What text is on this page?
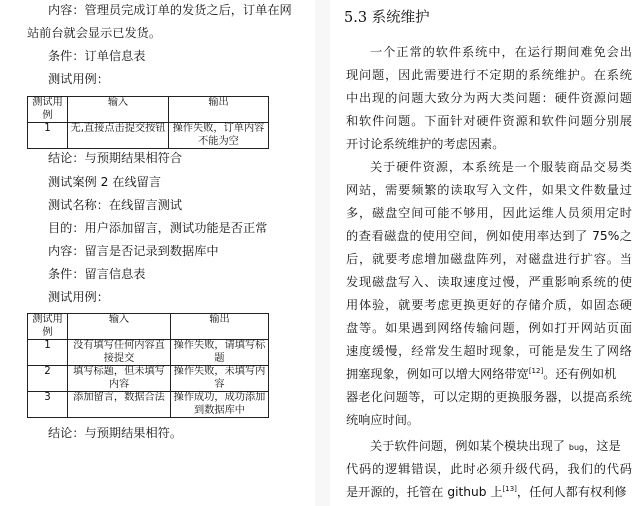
内容：管理员完成订单的发货之后，订单在网
站前台就会显示已发货。
条件：订单信息表
测试用例：
测试用例	输入	输出
1	无,直接点击提交按钮	操作失败，订单内容不能为空
结论：与预期结果相符合
测试案例 2 在线留言
测试名称：在线留言测试
目的：用户添加留言，测试功能是否正常
内容：留言是否记录到数据库中
条件：留言信息表
测试用例：
测试用例	输入	输出
1	没有填写任何内容直接提交	操作失败，请填写标题
2	填写标题，但未填写内容	操作失败，未填写内容
3	添加留言，数据合法	操作成功，成功添加到数据库中
结论：与预期结果相符。
5.3 系统维护
一个正常的软件系统中，在运行期间难免会出
现问题，因此需要进行不定期的系统维护。在系统
中出现的问题大致分为两大类问题：硬件资源问题
和软件问题。下面针对硬件资源和软件问题分别展
开讨论系统维护的考虑因素。
关于硬件资源，本系统是一个服装商品交易类
网站，需要频繁的读取写入文件，如果文件数量过
多，磁盘空间可能不够用，因此运维人员须用定时
的查看磁盘的使用空间，例如使用率达到了 75%之
后，就要考虑增加磁盘阵列，对磁盘进行扩容。当
发现磁盘写入、读取速度过慢，严重影响系统的使
用体验，就要考虑更换更好的存储介质，如固态硬
盘等。如果遇到网络传输问题，例如打开网站页面
速度缓慢，经常发生超时现象，可能是发生了网络
拥塞现象，例如可以增大网络带宽[12]。还有例如机
器老化问题等，可以定期的更换服务器，以提高系统
统响应时间。
关于软件问题，例如某个模块出现了 bug，这是
代码的逻辑错误，此时必须升级代码，我们的代码
是开源的，托管在 github 上[13]，任何人都有权利修
